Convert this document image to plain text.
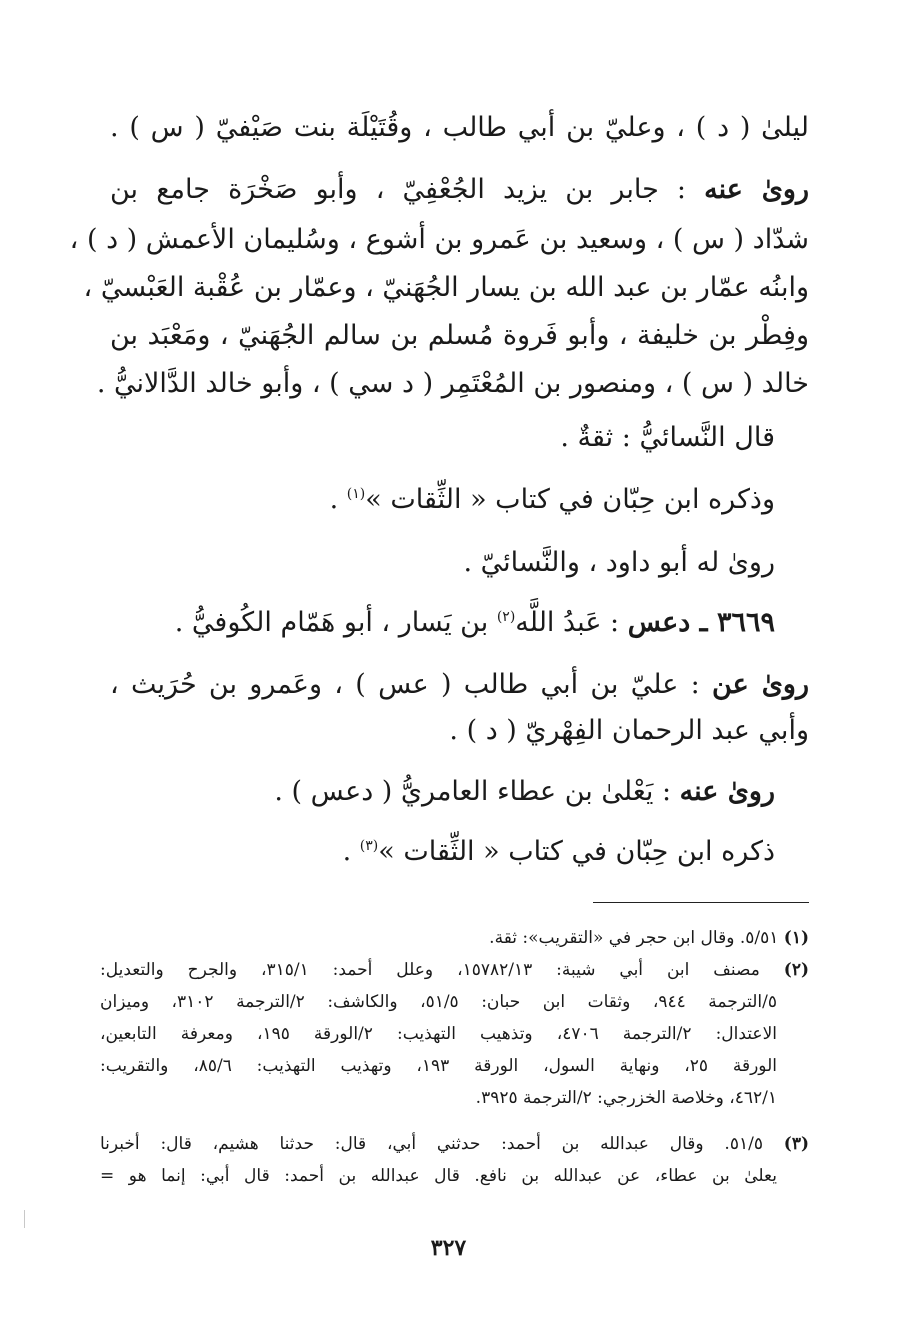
ليلىٰ ( د ) ، وعليّ بن أبي طالب ، وقُتَيْلَة بنت صَيْفيّ ( س ) .
روىٰ عنه : جابر بن يزيد الجُعْفِيّ ، وأبو صَخْرَة جامع بن
شدّاد ( س ) ، وسعيد بن عَمرو بن أشوع ، وسُليمان الأعمش ( د ) ،
وابنُه عمّار بن عبد الله بن يسار الجُهَنيّ ، وعمّار بن عُقْبة العَبْسيّ ،
وفِطْر بن خليفة ، وأبو فَروة مُسلم بن سالم الجُهَنيّ ، ومَعْبَد بن
خالد ( س ) ، ومنصور بن المُعْتَمِر ( د سي ) ، وأبو خالد الدَّالانيُّ .
قال النَّسائيُّ : ثقةٌ .
وذكره ابن حِبّان في كتاب « الثِّقات »$^{(١)}$ .
روىٰ له أبو داود ، والنَّسائيّ .
٣٦٦٩ ـ دعس : عَبدُ اللَّه$^{(٢)}$ بن يَسار ، أبو هَمّام الكُوفيُّ .
روىٰ عن : عليّ بن أبي طالب ( عس ) ، وعَمرو بن حُرَيث ،
وأبي عبد الرحمان الفِهْريّ ( د ) .
روىٰ عنه : يَعْلىٰ بن عطاء العامريُّ ( دعس ) .
ذكره ابن حِبّان في كتاب « الثِّقات »$^{(٣)}$ .
(١) ٥/٥١. وقال ابن حجر في «التقريب»: ثقة.
(٢) مصنف ابن أبي شيبة: ١٥٧٨٢/١٣، وعلل أحمد: ٣١٥/١، والجرح والتعديل:
٥/الترجمة ٩٤٤، وثقات ابن حبان: ٥١/٥، والكاشف: ٢/الترجمة ٣١٠٢، وميزان
الاعتدال: ٢/الترجمة ٤٧٠٦، وتذهيب التهذيب: ٢/الورقة ١٩٥، ومعرفة التابعين،
الورقة ٢٥، ونهاية السول، الورقة ١٩٣، وتهذيب التهذيب: ٨٥/٦، والتقريب:
٤٦٢/١، وخلاصة الخزرجي: ٢/الترجمة ٣٩٢٥.
(٣) ٥١/٥. وقال عبدالله بن أحمد: حدثني أبي، قال: حدثنا هشيم، قال: أخبرنا
يعلىٰ بن عطاء، عن عبدالله بن نافع. قال عبدالله بن أحمد: قال أبي: إنما هو =
٣٢٧
